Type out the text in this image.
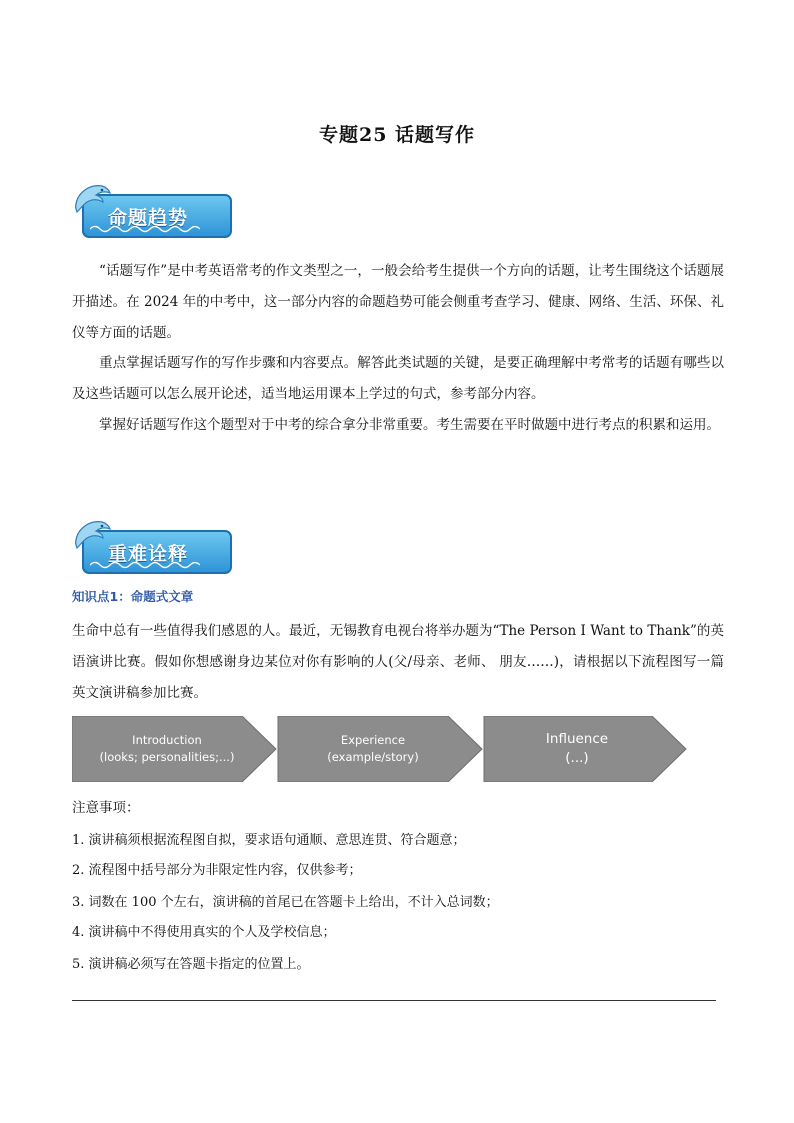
专题25 话题写作
命题趋势
“话题写作”是中考英语常考的作文类型之一，一般会给考生提供一个方向的话题，让考生围绕这个话题展开描述。在 2024 年的中考中，这一部分内容的命题趋势可能会侧重考查学习、健康、网络、生活、环保、礼仪等方面的话题。
重点掌握话题写作的写作步骤和内容要点。解答此类试题的关键，是要正确理解中考常考的话题有哪些以及这些话题可以怎么展开论述，适当地运用课本上学过的句式，参考部分内容。
掌握好话题写作这个题型对于中考的综合拿分非常重要。考生需要在平时做题中进行考点的积累和运用。
重难诠释
知识点1：命题式文章
生命中总有一些值得我们感恩的人。最近，无锡教育电视台将举办题为“The Person I Want to Thank”的英语演讲比赛。假如你想感谢身边某位对你有影响的人(父/母亲、老师、 朋友……)，请根据以下流程图写一篇英文演讲稿参加比赛。
Introduction
(looks; personalities;...)
Experience
(example/story)
Influence
(...)
注意事项：
1. 演讲稿须根据流程图自拟，要求语句通顺、意思连贯、符合题意；
2. 流程图中括号部分为非限定性内容，仅供参考；
3. 词数在 100 个左右，演讲稿的首尾已在答题卡上给出，不计入总词数；
4. 演讲稿中不得使用真实的个人及学校信息；
5. 演讲稿必须写在答题卡指定的位置上。
